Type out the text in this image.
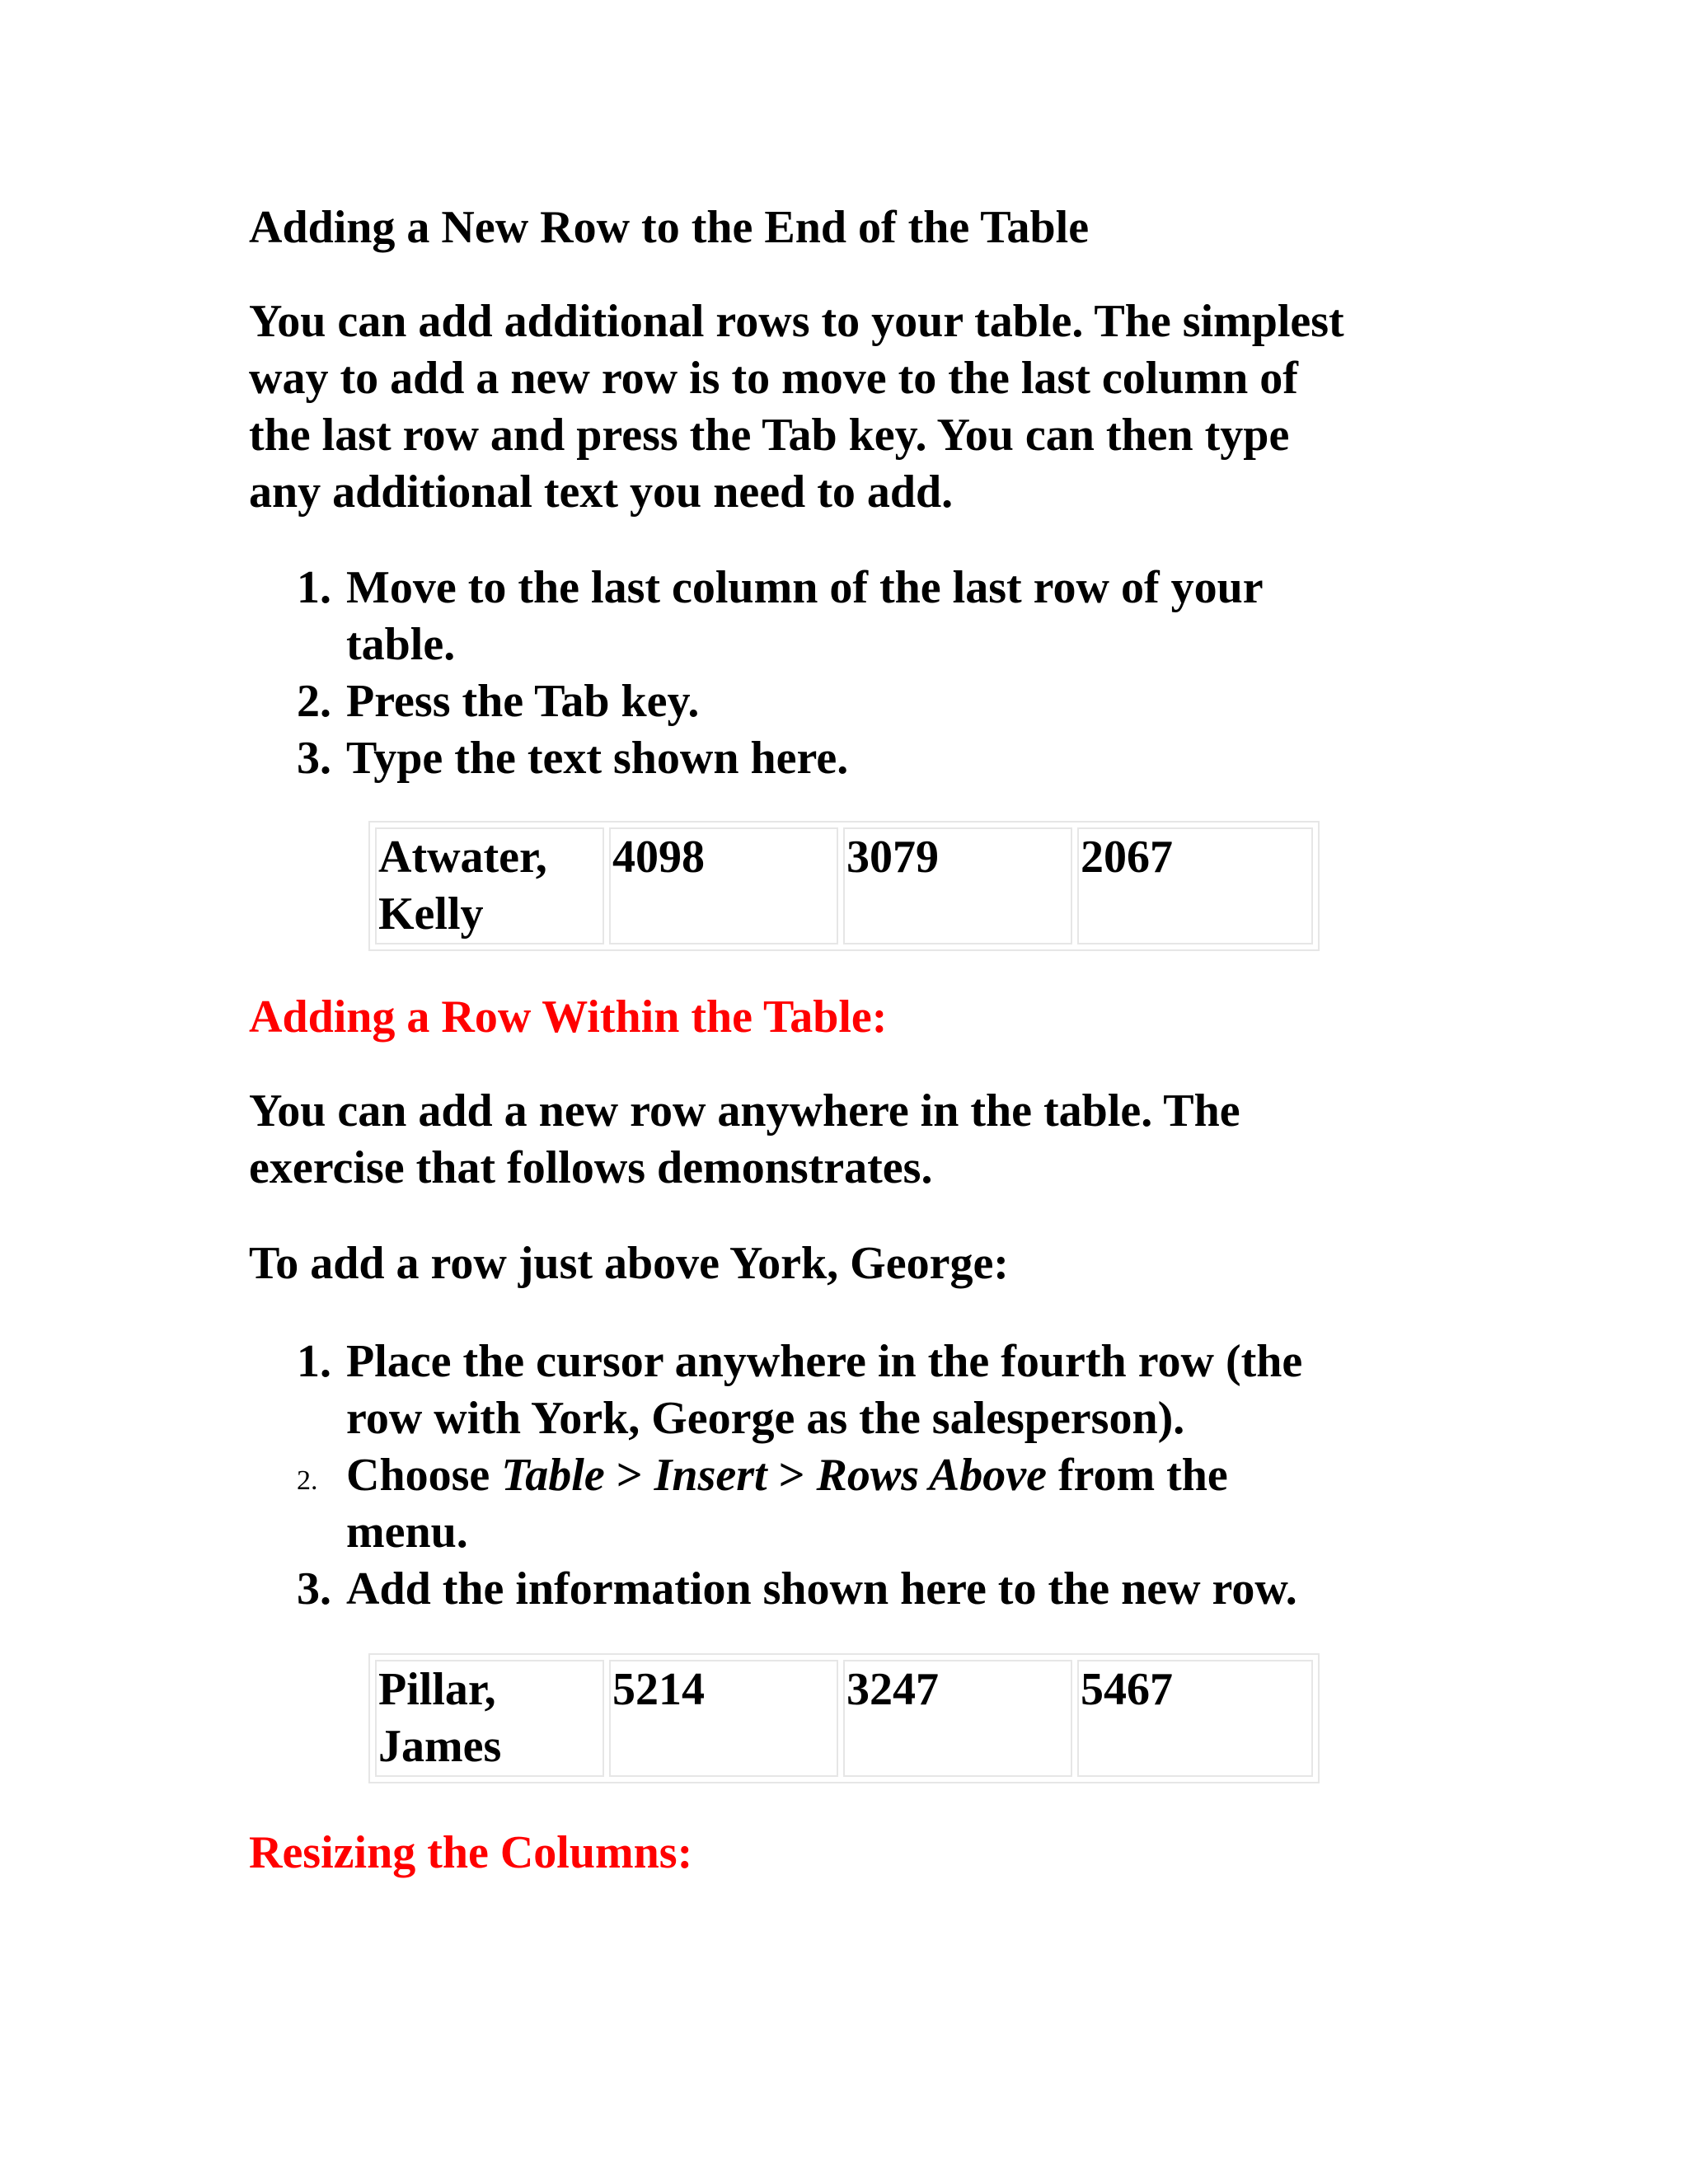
Adding a New Row to the End of the Table
You can add additional rows to your table. The simplest
way to add a new row is to move to the last column of
the last row and press the Tab key. You can then type
any additional text you need to add.
1. Move to the last column of the last row of your
table.
2. Press the Tab key.
3. Type the text shown here.
Atwater,
Kelly
	4098	3079	2067
Adding a Row Within the Table:
You can add a new row anywhere in the table. The
exercise that follows demonstrates.
To add a row just above York, George:
1. Place the cursor anywhere in the fourth row (the
row with York, George as the salesperson).
2. Choose Table > Insert > Rows Above from the
menu.
3. Add the information shown here to the new row.
Pillar,
James
	5214	3247	5467
Resizing the Columns:
